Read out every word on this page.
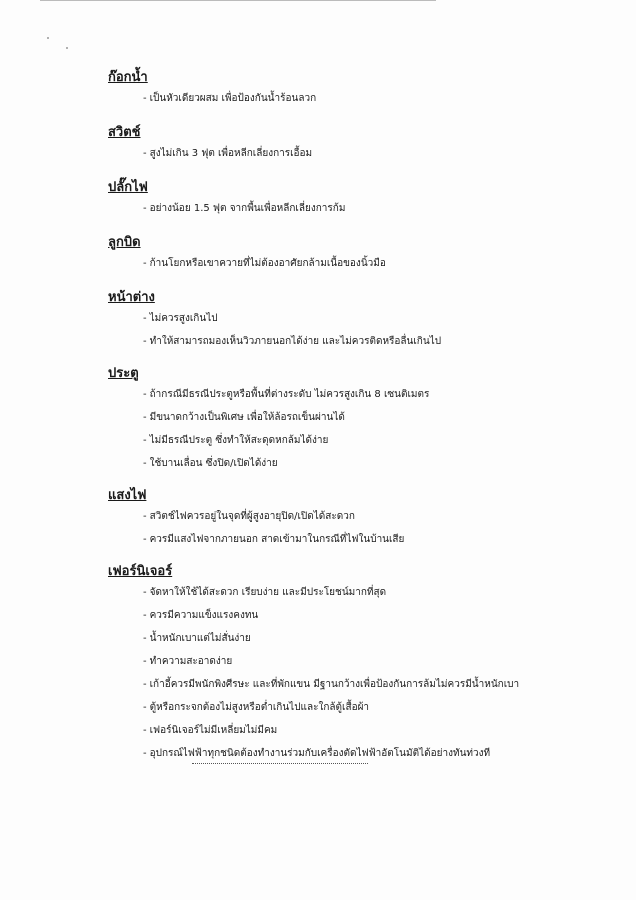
ก๊อกน้ำ
- เป็นหัวเดียวผสม เพื่อป้องกันน้ำร้อนลวก
สวิตช์
- สูงไม่เกิน 3 ฟุต เพื่อหลีกเลี่ยงการเอื้อม
ปลั๊กไฟ
- อย่างน้อย 1.5 ฟุต จากพื้นเพื่อหลีกเลี่ยงการก้ม
ลูกบิด
- ก้านโยกหรือเขาควายที่ไม่ต้องอาศัยกล้ามเนื้อของนิ้วมือ
หน้าต่าง
- ไม่ควรสูงเกินไป
- ทำให้สามารถมองเห็นวิวภายนอกได้ง่าย และไม่ควรติดหรือลื่นเกินไป
ประตู
- ถ้ากรณีมีธรณีประตูหรือพื้นที่ต่างระดับ ไม่ควรสูงเกิน 8 เซนติเมตร
- มีขนาดกว้างเป็นพิเศษ เพื่อให้ล้อรถเข็นผ่านได้
- ไม่มีธรณีประตู ซึ่งทำให้สะดุดหกล้มได้ง่าย
- ใช้บานเลื่อน ซึ่งปิด/เปิดได้ง่าย
แสงไฟ
- สวิตช์ไฟควรอยู่ในจุดที่ผู้สูงอายุปิด/เปิดได้สะดวก
- ควรมีแสงไฟจากภายนอก สาดเข้ามาในกรณีที่ไฟในบ้านเสีย
เฟอร์นิเจอร์
- จัดหาให้ใช้ได้สะดวก เรียบง่าย และมีประโยชน์มากที่สุด
- ควรมีความแข็งแรงคงทน
- น้ำหนักเบาแต่ไม่สั่นง่าย
- ทำความสะอาดง่าย
- เก้าอี้ควรมีพนักพิงศีรษะ และที่พักแขน มีฐานกว้างเพื่อป้องกันการล้มไม่ควรมีน้ำหนักเบา
- ตู้หรือกระจกต้องไม่สูงหรือต่ำเกินไปและใกล้ตู้เสื้อผ้า
- เฟอร์นิเจอร์ไม่มีเหลี่ยมไม่มีคม
- อุปกรณ์ไฟฟ้าทุกชนิดต้องทำงานร่วมกับเครื่องตัดไฟฟ้าอัตโนมัติได้อย่างทันท่วงที
